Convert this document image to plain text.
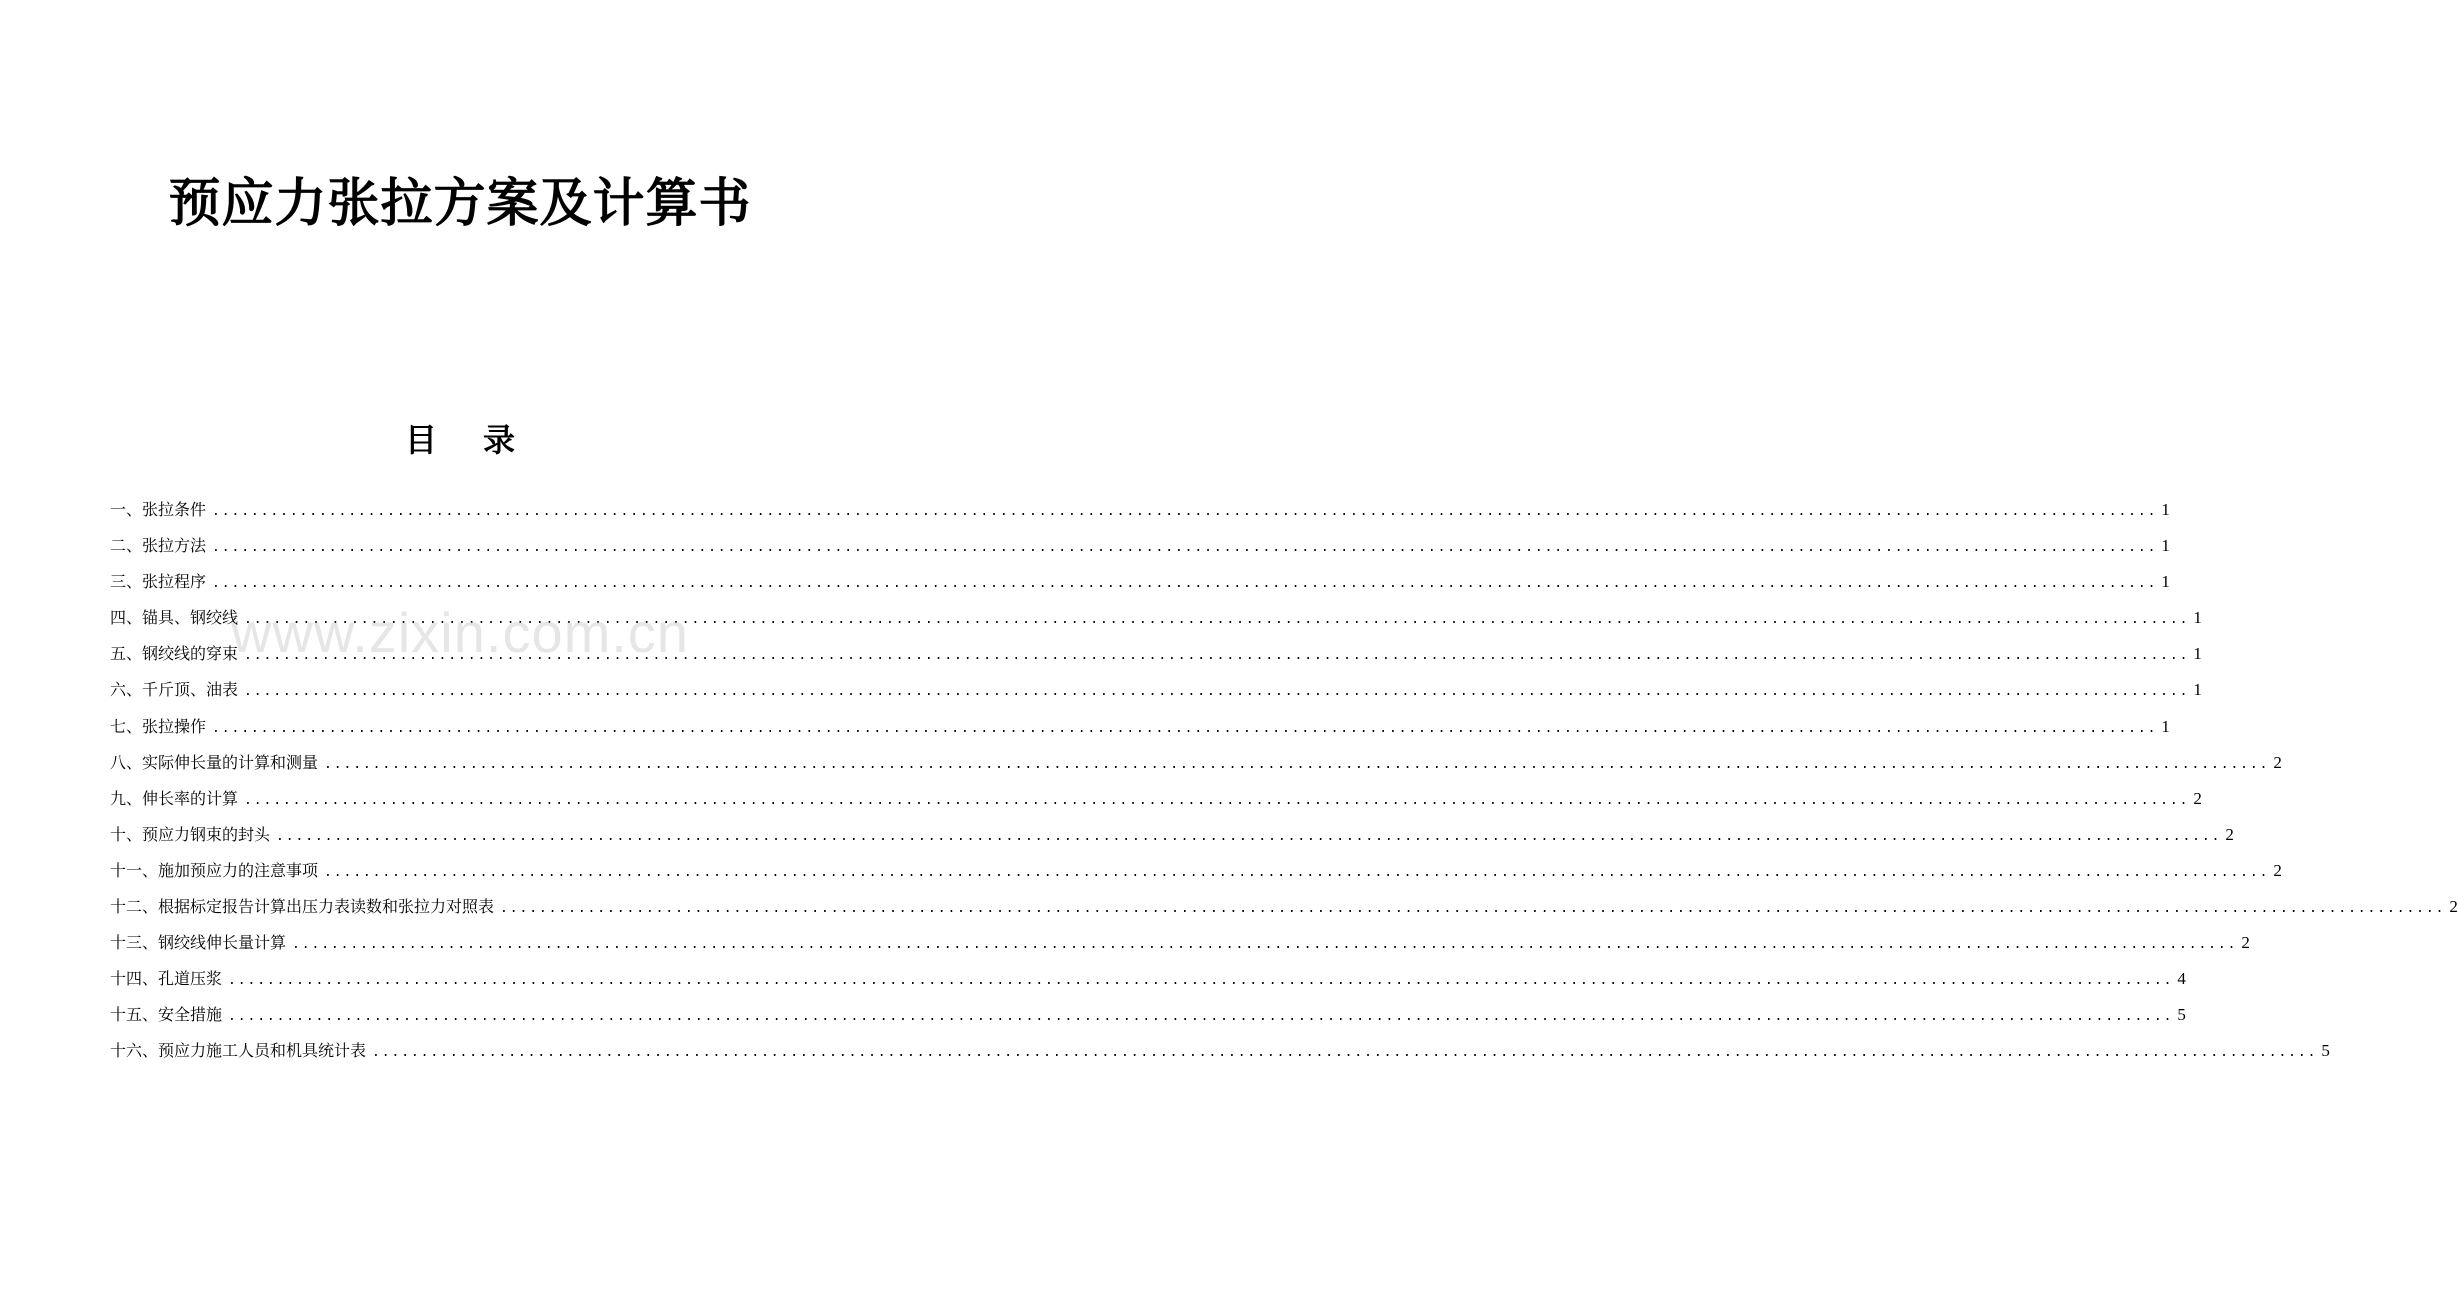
预应力张拉方案及计算书
目 录
一、张拉条件 ........................................................................................................................................................................................................ 1
二、张拉方法 ........................................................................................................................................................................................................ 1
三、张拉程序 ........................................................................................................................................................................................................ 1
四、锚具、钢绞线 ........................................................................................................................................................................................................ 1
五、钢绞线的穿束 ........................................................................................................................................................................................................ 1
六、千斤顶、油表 ........................................................................................................................................................................................................ 1
七、张拉操作 ........................................................................................................................................................................................................ 1
八、实际伸长量的计算和测量 ........................................................................................................................................................................................................ 2
九、伸长率的计算 ........................................................................................................................................................................................................ 2
十、预应力钢束的封头 ........................................................................................................................................................................................................ 2
十一、施加预应力的注意事项 ........................................................................................................................................................................................................ 2
十二、根据标定报告计算出压力表读数和张拉力对照表 ........................................................................................................................................................................................................ 2
十三、钢绞线伸长量计算 ........................................................................................................................................................................................................ 2
十四、孔道压浆 ........................................................................................................................................................................................................ 4
十五、安全措施 ........................................................................................................................................................................................................ 5
十六、预应力施工人员和机具统计表 ........................................................................................................................................................................................................ 5
www.zixin.com.cn
